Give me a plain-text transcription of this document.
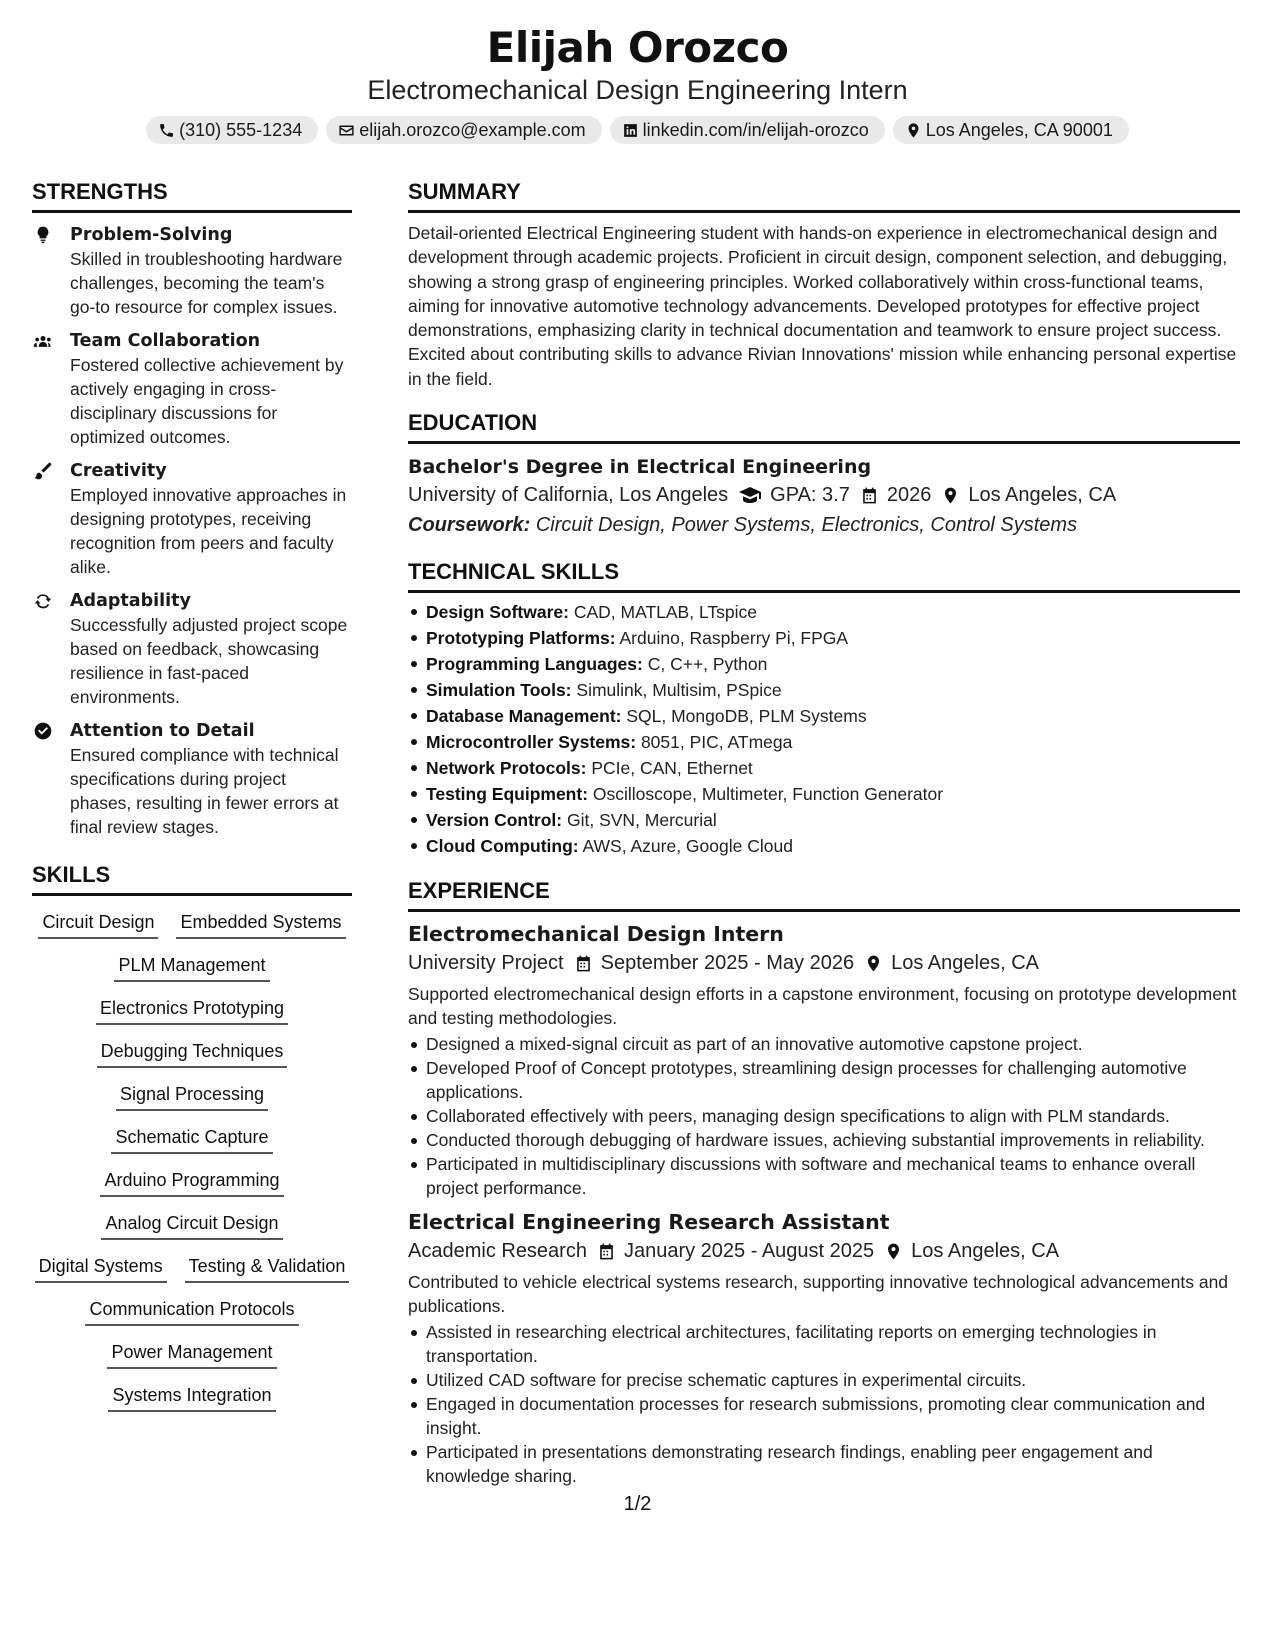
Elijah Orozco
Electromechanical Design Engineering Intern
(310) 555-1234	elijah.orozco@example.com	linkedin.com/in/elijah-orozco	Los Angeles, CA 90001
STRENGTHS
Problem-Solving
Skilled in troubleshooting hardware challenges, becoming the team's go-to resource for complex issues.
Team Collaboration
Fostered collective achievement by actively engaging in cross-disciplinary discussions for optimized outcomes.
Creativity
Employed innovative approaches in designing prototypes, receiving recognition from peers and faculty alike.
Adaptability
Successfully adjusted project scope based on feedback, showcasing resilience in fast-paced environments.
Attention to Detail
Ensured compliance with technical specifications during project phases, resulting in fewer errors at final review stages.
SKILLS
Circuit Design Embedded Systems
PLM Management
Electronics Prototyping
Debugging Techniques
Signal Processing
Schematic Capture
Arduino Programming
Analog Circuit Design
Digital Systems Testing & Validation
Communication Protocols
Power Management
Systems Integration
SUMMARY

Detail-oriented Electrical Engineering student with hands-on experience in electromechanical design and development through academic projects. Proficient in circuit design, component selection, and debugging, showing a strong grasp of engineering principles. Worked collaboratively within cross-functional teams, aiming for innovative automotive technology advancements. Developed prototypes for effective project demonstrations, emphasizing clarity in technical documentation and teamwork to ensure project success. Excited about contributing skills to advance Rivian Innovations' mission while enhancing personal expertise in the field.

EDUCATION
Bachelor's Degree in Electrical Engineering
University of California, Los Angeles GPA: 3.7 2026 Los Angeles, CA
Coursework: Circuit Design, Power Systems, Electronics, Control Systems
TECHNICAL SKILLS
Design Software: CAD, MATLAB, LTspice
Prototyping Platforms: Arduino, Raspberry Pi, FPGA
Programming Languages: C, C++, Python
Simulation Tools: Simulink, Multisim, PSpice
Database Management: SQL, MongoDB, PLM Systems
Microcontroller Systems: 8051, PIC, ATmega
Network Protocols: PCIe, CAN, Ethernet
Testing Equipment: Oscilloscope, Multimeter, Function Generator
Version Control: Git, SVN, Mercurial
Cloud Computing: AWS, Azure, Google Cloud
EXPERIENCE
Electromechanical Design Intern
University Project September 2025 - May 2026 Los Angeles, CA

Supported electromechanical design efforts in a capstone environment, focusing on prototype development and testing methodologies.

Designed a mixed-signal circuit as part of an innovative automotive capstone project.
Developed Proof of Concept prototypes, streamlining design processes for challenging automotive applications.
Collaborated effectively with peers, managing design specifications to align with PLM standards.
Conducted thorough debugging of hardware issues, achieving substantial improvements in reliability.
Participated in multidisciplinary discussions with software and mechanical teams to enhance overall project performance.
Electrical Engineering Research Assistant
Academic Research January 2025 - August 2025 Los Angeles, CA

Contributed to vehicle electrical systems research, supporting innovative technological advancements and publications.

Assisted in researching electrical architectures, facilitating reports on emerging technologies in transportation.
Utilized CAD software for precise schematic captures in experimental circuits.
Engaged in documentation processes for research submissions, promoting clear communication and insight.
Participated in presentations demonstrating research findings, enabling peer engagement and knowledge sharing.
1/2
